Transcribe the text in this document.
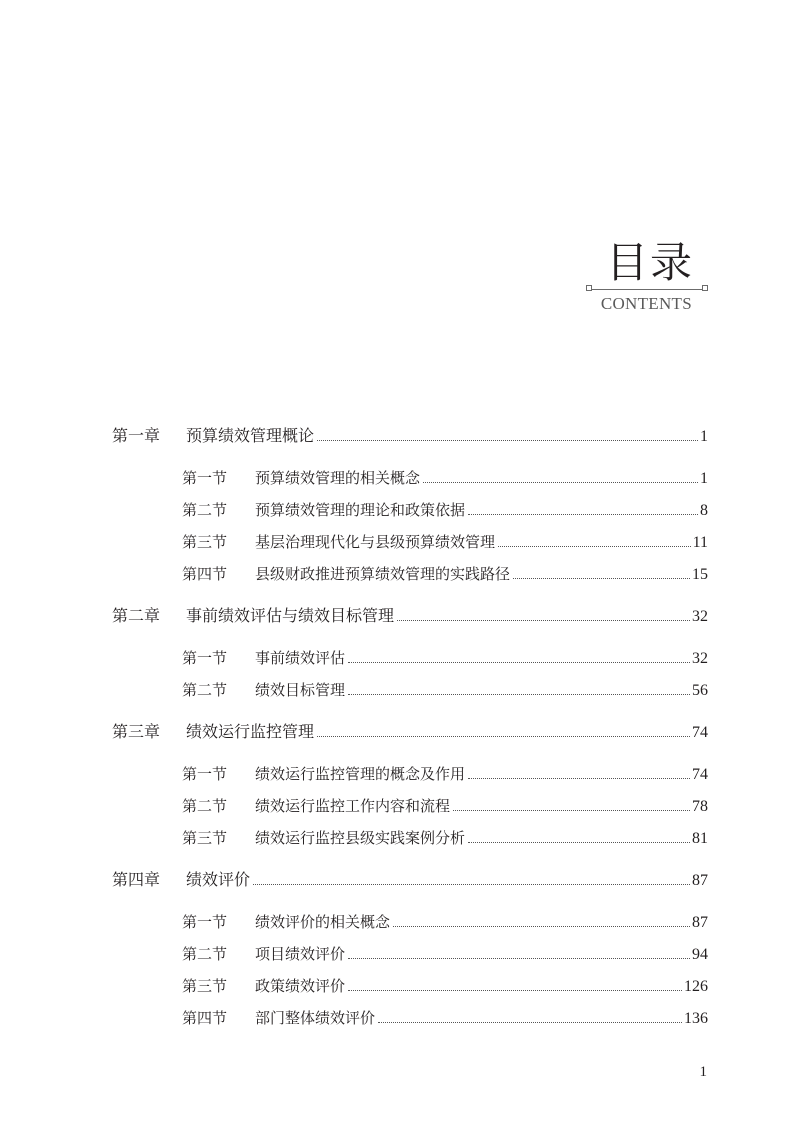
目录
CONTENTS
第一章	预算绩效管理概论	1
第一节	预算绩效管理的相关概念	1
第二节	预算绩效管理的理论和政策依据	8
第三节	基层治理现代化与县级预算绩效管理	11
第四节	县级财政推进预算绩效管理的实践路径	15
第二章	事前绩效评估与绩效目标管理	32
第一节	事前绩效评估	32
第二节	绩效目标管理	56
第三章	绩效运行监控管理	74
第一节	绩效运行监控管理的概念及作用	74
第二节	绩效运行监控工作内容和流程	78
第三节	绩效运行监控县级实践案例分析	81
第四章	绩效评价	87
第一节	绩效评价的相关概念	87
第二节	项目绩效评价	94
第三节	政策绩效评价	126
第四节	部门整体绩效评价	136
1
